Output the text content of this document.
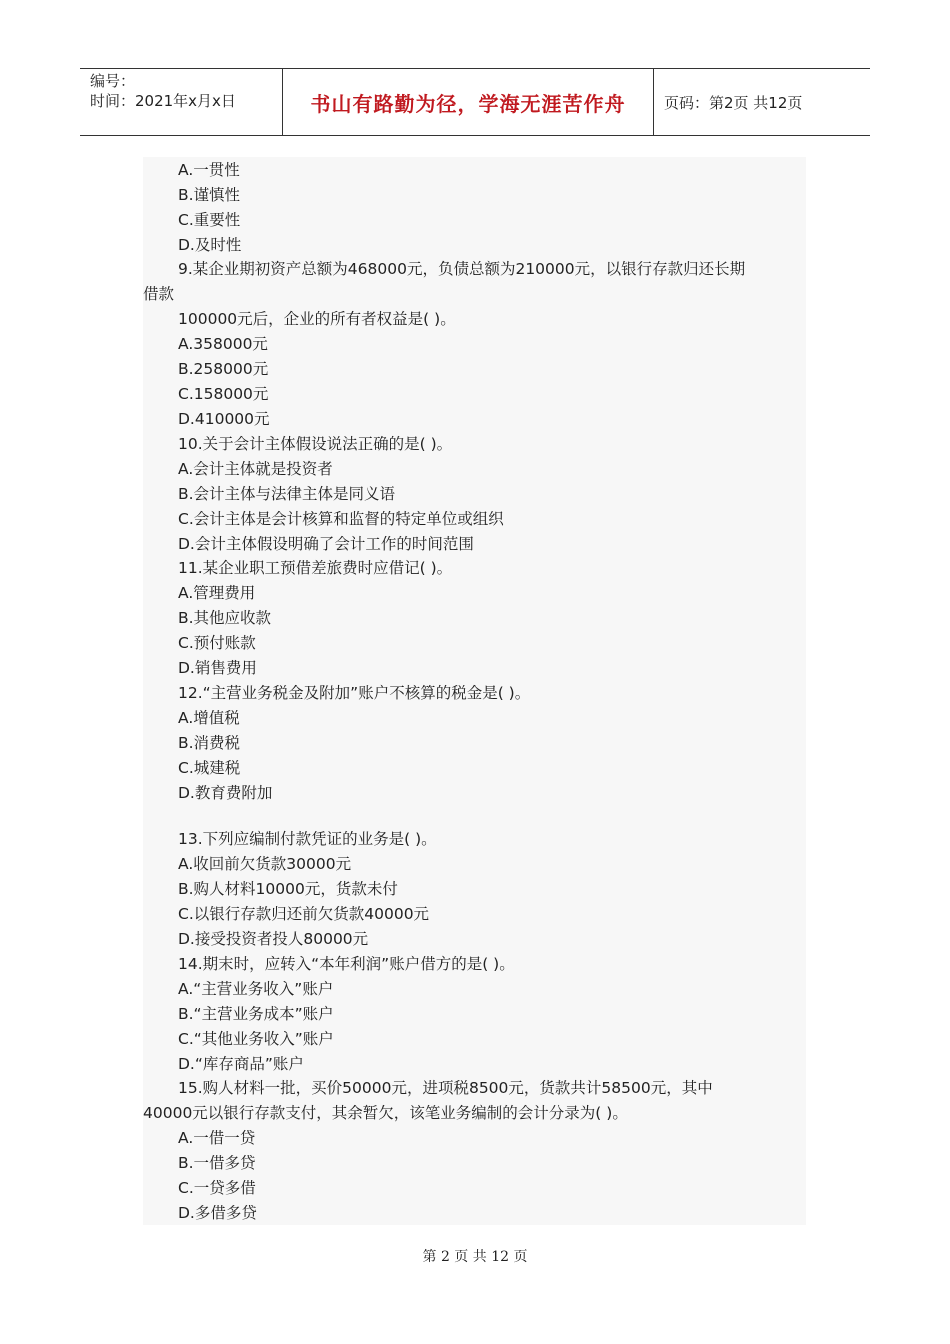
编号：
时间：2021年x月x日	书山有路勤为径，学海无涯苦作舟	页码：第2页 共12页
A.一贯性
B.谨慎性
C.重要性
D.及时性
9.某企业期初资产总额为468000元，负债总额为210000元，以银行存款归还长期
借款
100000元后，企业的所有者权益是( )。
A.358000元
B.258000元
C.158000元
D.410000元
10.关于会计主体假设说法正确的是( )。
A.会计主体就是投资者
B.会计主体与法律主体是同义语
C.会计主体是会计核算和监督的特定单位或组织
D.会计主体假设明确了会计工作的时间范围
11.某企业职工预借差旅费时应借记( )。
A.管理费用
B.其他应收款
C.预付账款
D.销售费用
12.“主营业务税金及附加”账户不核算的税金是( )。
A.增值税
B.消费税
C.城建税
D.教育费附加
13.下列应编制付款凭证的业务是( )。
A.收回前欠货款30000元
B.购人材料10000元，货款未付
C.以银行存款归还前欠货款40000元
D.接受投资者投人80000元
14.期末时，应转入“本年利润”账户借方的是( )。
A.“主营业务收入”账户
B.“主营业务成本”账户
C.“其他业务收入”账户
D.“库存商品”账户
15.购人材料一批，买价50000元，进项税8500元，货款共计58500元，其中
40000元以银行存款支付，其余暂欠，该笔业务编制的会计分录为( )。
A.一借一贷
B.一借多贷
C.一贷多借
D.多借多贷
第 2 页 共 12 页
